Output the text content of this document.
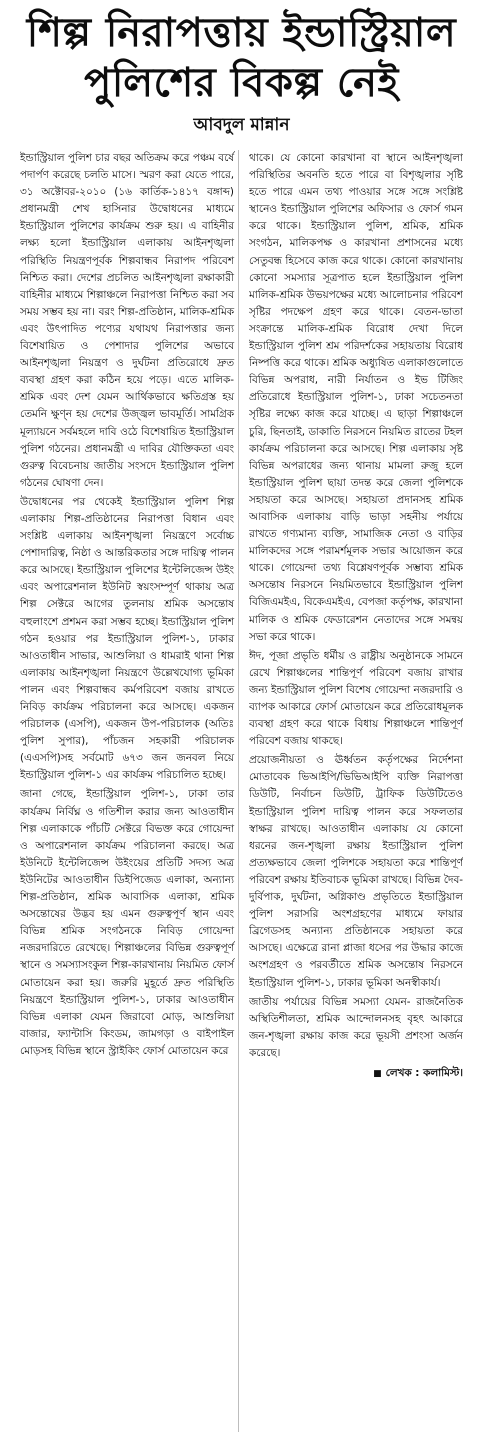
শিল্প নিরাপত্তায় ইন্ডাস্ট্রিয়াল
পুলিশের বিকল্প নেই
আবদুল মান্নান

ইন্ডাস্ট্রিয়াল পুলিশ চার বছর অতিক্রম করে পঞ্চম বর্ষে পদার্পণ করেছে চলতি মাসে। স্মরণ করা যেতে পারে, ৩১ অক্টোবর-২০১০ (১৬ কার্তিক-১৪১৭ বঙ্গাব্দ) প্রধানমন্ত্রী শেখ হাসিনার উদ্বোধনের মাধ্যমে ইন্ডাস্ট্রিয়াল পুলিশের কার্যক্রম শুরু হয়। এ বাহিনীর লক্ষ্য হলো ইন্ডাস্ট্রিয়াল এলাকায় আইনশৃঙ্খলা পরিস্থিতি নিয়ন্ত্রণপূর্বক শিল্পবান্ধব নিরাপদ পরিবেশ নিশ্চিত করা। দেশের প্রচলিত আইনশৃঙ্খলা রক্ষাকারী বাহিনীর মাধ্যমে শিল্পাঞ্চলে নিরাপত্তা নিশ্চিত করা সব সময় সম্ভব হয় না। বরং শিল্প-প্রতিষ্ঠান, মালিক-শ্রমিক এবং উৎপাদিত পণ্যের যথাযথ নিরাপত্তার জন্য বিশেষায়িত ও পেশাদার পুলিশের অভাবে আইনশৃঙ্খলা নিয়ন্ত্রণ ও দুর্ঘটনা প্রতিরোধে দ্রুত ব্যবস্থা গ্রহণ করা কঠিন হয়ে পড়ে। এতে মালিক-শ্রমিক এবং দেশ যেমন আর্থিকভাবে ক্ষতিগ্রস্ত হয় তেমনি ক্ষুণ্ন হয় দেশের উজ্জ্বল ভাবমূর্তি। সামগ্রিক মূল্যায়নে সর্বমহলে দাবি ওঠে বিশেষায়িত ইন্ডাস্ট্রিয়াল পুলিশ গঠনের। প্রধানমন্ত্রী এ দাবির যৌক্তিকতা এবং গুরুত্ব বিবেচনায় জাতীয় সংসদে ইন্ডাস্ট্রিয়াল পুলিশ গঠনের ঘোষণা দেন।

উদ্বোধনের পর থেকেই ইন্ডাস্ট্রিয়াল পুলিশ শিল্প এলাকায় শিল্প-প্রতিষ্ঠানের নিরাপত্তা বিধান এবং সংশ্লিষ্ট এলাকায় আইনশৃঙ্খলা নিয়ন্ত্রণে সর্বোচ্চ পেশাদারিত্ব, নিষ্ঠা ও আন্তরিকতার সঙ্গে দায়িত্ব পালন করে আসছে। ইন্ডাস্ট্রিয়াল পুলিশের ইন্টেলিজেন্স উইং এবং অপারেশনাল ইউনিট স্বয়ংসম্পূর্ণ থাকায় অত্র শিল্প সেক্টরে আগের তুলনায় শ্রমিক অসন্তোষ বহুলাংশে প্রশমন করা সম্ভব হচ্ছে। ইন্ডাস্ট্রিয়াল পুলিশ গঠন হওয়ার পর ইন্ডাস্ট্রিয়াল পুলিশ-১, ঢাকার আওতাধীন সাভার, আশুলিয়া ও ধামরাই থানা শিল্প এলাকায় আইনশৃঙ্খলা নিয়ন্ত্রণে উল্লেখযোগ্য ভূমিকা পালন এবং শিল্পবান্ধব কর্মপরিবেশ বজায় রাখতে নিবিড় কার্যক্রম পরিচালনা করে আসছে। একজন পরিচালক (এসপি), একজন উপ-পরিচালক (অতিঃ পুলিশ সুপার), পাঁচজন সহকারী পরিচালক (এএসপি)সহ সর্বমোট ৬৭৩ জন জনবল নিয়ে ইন্ডাস্ট্রিয়াল পুলিশ-১ এর কার্যক্রম পরিচালিত হচ্ছে।

জানা গেছে, ইন্ডাস্ট্রিয়াল পুলিশ-১, ঢাকা তার কার্যক্রম নির্বিঘ্ন ও গতিশীল করার জন্য আওতাধীন শিল্প এলাকাকে পাঁচটি সেক্টরে বিভক্ত করে গোয়েন্দা ও অপারেশনাল কার্যক্রম পরিচালনা করছে। অত্র ইউনিটে ইন্টেলিজেন্স উইংয়ের প্রতিটি সদস্য অত্র ইউনিটের আওতাধীন ডিইপিজেড এলাকা, অন্যান্য শিল্প-প্রতিষ্ঠান, শ্রমিক আবাসিক এলাকা, শ্রমিক অসন্তোষের উদ্ভব হয় এমন গুরুত্বপূর্ণ স্থান এবং বিভিন্ন শ্রমিক সংগঠনকে নিবিড় গোয়েন্দা নজরদারিতে রেখেছে। শিল্পাঞ্চলের বিভিন্ন গুরুত্বপূর্ণ স্থানে ও সমস্যাসংকুল শিল্প-কারখানায় নিয়মিত ফোর্স মোতায়েন করা হয়। জরুরি মুহূর্তে দ্রুত পরিস্থিতি নিয়ন্ত্রণে ইন্ডাস্ট্রিয়াল পুলিশ-১, ঢাকার আওতাধীন বিভিন্ন এলাকা যেমন জিরাবো মোড়, আশুলিয়া বাজার, ফ্যান্টাসি কিংডম, জামগড়া ও বাইপাইল মোড়সহ বিভিন্ন স্থানে স্ট্রাইকিং ফোর্স মোতায়েন করে

থাকে। যে কোনো কারখানা বা স্থানে আইনশৃঙ্খলা পরিস্থিতির অবনতি হতে পারে বা বিশৃঙ্খলার সৃষ্টি হতে পারে এমন তথ্য পাওয়ার সঙ্গে সঙ্গে সংশ্লিষ্ট স্থানেও ইন্ডাস্ট্রিয়াল পুলিশের অফিসার ও ফোর্স গমন করে থাকে। ইন্ডাস্ট্রিয়াল পুলিশ, শ্রমিক, শ্রমিক সংগঠন, মালিকপক্ষ ও কারখানা প্রশাসনের মধ্যে সেতুবন্ধ হিসেবে কাজ করে থাকে। কোনো কারখানায় কোনো সমস্যার সূত্রপাত হলে ইন্ডাস্ট্রিয়াল পুলিশ মালিক-শ্রমিক উভয়পক্ষের মধ্যে আলোচনার পরিবেশ সৃষ্টির পদক্ষেপ গ্রহণ করে থাকে। বেতন-ভাতা সংক্রান্তে মালিক-শ্রমিক বিরোধ দেখা দিলে ইন্ডাস্ট্রিয়াল পুলিশ শ্রম পরিদর্শকের সহায়তায় বিরোধ নিষ্পত্তি করে থাকে। শ্রমিক অধ্যুষিত এলাকাগুলোতে বিভিন্ন অপরাধ, নারী নির্যাতন ও ইভ টিজিং প্রতিরোধে ইন্ডাস্ট্রিয়াল পুলিশ-১, ঢাকা সচেতনতা সৃষ্টির লক্ষ্যে কাজ করে যাচ্ছে। এ ছাড়া শিল্পাঞ্চলে চুরি, ছিনতাই, ডাকাতি নিরসনে নিয়মিত রাতের টহল কার্যক্রম পরিচালনা করে আসছে। শিল্প এলাকায় সৃষ্ট বিভিন্ন অপরাধের জন্য থানায় মামলা রুজু হলে ইন্ডাস্ট্রিয়াল পুলিশ ছায়া তদন্ত করে জেলা পুলিশকে সহায়তা করে আসছে। সহায়তা প্রদানসহ শ্রমিক আবাসিক এলাকায় বাড়ি ভাড়া সহনীয় পর্যায়ে রাখতে গণ্যমান্য ব্যক্তি, সামাজিক নেতা ও বাড়ির মালিকদের সঙ্গে পরামর্শমূলক সভার আয়োজন করে থাকে। গোয়েন্দা তথ্য বিশ্লেষণপূর্বক সম্ভাব্য শ্রমিক অসন্তোষ নিরসনে নিয়মিতভাবে ইন্ডাস্ট্রিয়াল পুলিশ বিজিএমইএ, বিকেএমইএ, বেপজা কর্তৃপক্ষ, কারখানা মালিক ও শ্রমিক ফেডারেশন নেতাদের সঙ্গে সমন্বয় সভা করে থাকে।

ঈদ, পূজা প্রভৃতি ধর্মীয় ও রাষ্ট্রীয় অনুষ্ঠানকে সামনে রেখে শিল্পাঞ্চলের শান্তিপূর্ণ পরিবেশ বজায় রাখার জন্য ইন্ডাস্ট্রিয়াল পুলিশ বিশেষ গোয়েন্দা নজরদারি ও ব্যাপক আকারে ফোর্স মোতায়েন করে প্রতিরোধমূলক ব্যবস্থা গ্রহণ করে থাকে বিধায় শিল্পাঞ্চলে শান্তিপূর্ণ পরিবেশ বজায় থাকছে।

প্রয়োজনীয়তা ও ঊর্ধ্বতন কর্তৃপক্ষের নির্দেশনা মোতাবেক ভিআইপি/ভিভিআইপি ব্যক্তি নিরাপত্তা ডিউটি, নির্বাচন ডিউটি, ট্রাফিক ডিউটিতেও ইন্ডাস্ট্রিয়াল পুলিশ দায়িত্ব পালন করে সফলতার স্বাক্ষর রাখছে। আওতাধীন এলাকায় যে কোনো ধরনের জন-শৃঙ্খলা রক্ষায় ইন্ডাস্ট্রিয়াল পুলিশ প্রত্যক্ষভাবে জেলা পুলিশকে সহায়তা করে শান্তিপূর্ণ পরিবেশ রক্ষায় ইতিবাচক ভূমিকা রাখছে। বিভিন্ন দৈব-দুর্বিপাক, দুর্ঘটনা, অগ্নিকাণ্ড প্রভৃতিতে ইন্ডাস্ট্রিয়াল পুলিশ সরাসরি অংশগ্রহণের মাধ্যমে ফায়ার ব্রিগেডসহ অন্যান্য প্রতিষ্ঠানকে সহায়তা করে আসছে। এক্ষেত্রে রানা প্লাজা ধসের পর উদ্ধার কাজে অংশগ্রহণ ও পরবর্তীতে শ্রমিক অসন্তোষ নিরসনে ইন্ডাস্ট্রিয়াল পুলিশ-১, ঢাকার ভূমিকা অনস্বীকার্য।

জাতীয় পর্যায়ের বিভিন্ন সমস্যা যেমন- রাজনৈতিক অস্থিতিশীলতা, শ্রমিক আন্দোলনসহ বৃহৎ আকারে জন-শৃঙ্খলা রক্ষায় কাজ করে ভূয়সী প্রশংসা অর্জন করেছে।

■ লেখক : কলামিস্ট।
